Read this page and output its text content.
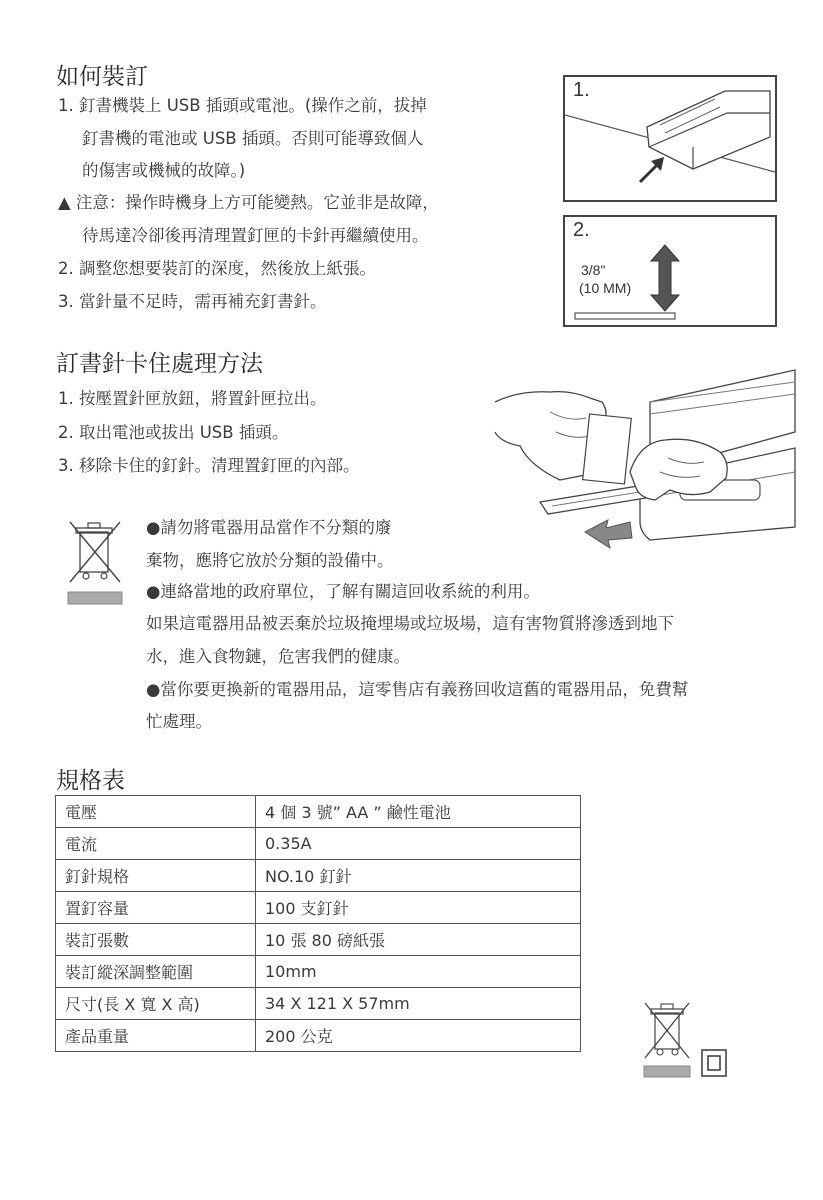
如何裝訂
1. 釘書機裝上 USB 插頭或電池。(操作之前，拔掉
釘書機的電池或 USB 插頭。否則可能導致個人
的傷害或機械的故障。)
▲ 注意：操作時機身上方可能變熱。它並非是故障，
待馬達冷卻後再清理置釘匣的卡針再繼續使用。
2. 調整您想要裝訂的深度，然後放上紙張。
3. 當針量不足時，需再補充釘書針。
1.
2.
3/8"
(10 MM)
訂書針卡住處理方法
1. 按壓置針匣放鈕，將置針匣拉出。
2. 取出電池或拔出 USB 插頭。
3. 移除卡住的釘針。清理置釘匣的內部。
●請勿將電器用品當作不分類的廢
棄物，應將它放於分類的設備中。
●連絡當地的政府單位，了解有關這回收系統的利用。
如果這電器用品被丟棄於垃圾掩埋場或垃圾場，這有害物質將滲透到地下
水，進入食物鏈，危害我們的健康。
●當你要更換新的電器用品，這零售店有義務回收這舊的電器用品，免費幫
忙處理。
規格表
電壓	4 個 3 號” AA ” 鹼性電池
電流	0.35A
釘針規格	NO.10 釘針
置釘容量	100 支釘針
裝訂張數	10 張 80 磅紙張
裝訂縱深調整範圍	10mm
尺寸(長 X 寬 X 高)	34 X 121 X 57mm
產品重量	200 公克
